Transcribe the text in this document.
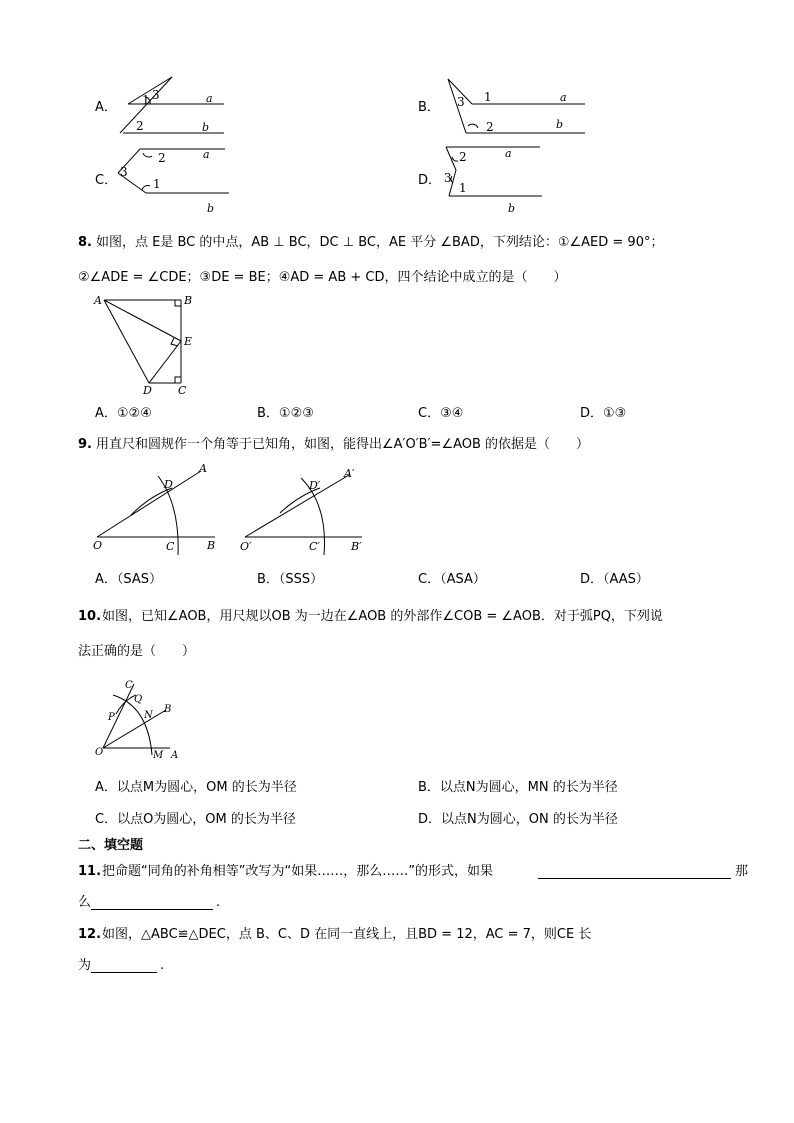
A． 1 3
2
a
b
B． 3 1
2
a
b
C．
2
3
1
a
b
D．
2
3
1
a
b
8. 如图，点 E是 BC 的中点，AB ⊥ BC，DC ⊥ BC，AE 平分 ∠BAD，下列结论：①∠AED = 90°；
②∠ADE = ∠CDE；③DE = BE；④AD = AB + CD，四个结论中成立的是（　　）
A	B
E
D C
A．①②④	B．①②③	C．③④	D．①③
9. 用直尺和圆规作一个角等于已知角，如图，能得出∠A′O′B′=∠AOB 的依据是（　　）
O
D
A
C	B O′
D′
A′
C′	B′
A．（SAS）	B．（SSS）	C．（ASA）	D．（AAS）
10. 如图，已知∠AOB，用尺规以OB 为一边在∠AOB 的外部作∠COB = ∠AOB．对于弧PQ，下列说
法正确的是（　　）
C
Q
P	N
B
O	M A
A．以点M为圆心，OM 的长为半径	B．以点N为圆心，MN 的长为半径
C．以点O为圆心，OM 的长为半径	D．以点N为圆心，ON 的长为半径
二、填空题
11. 把命题“同角的补角相等”改写为“如果……，那么……”的形式，如果	那
么	.
12. 如图，△ABC≌△DEC，点 B、C、D 在同一直线上，且BD = 12，AC = 7，则CE 长
为	.
